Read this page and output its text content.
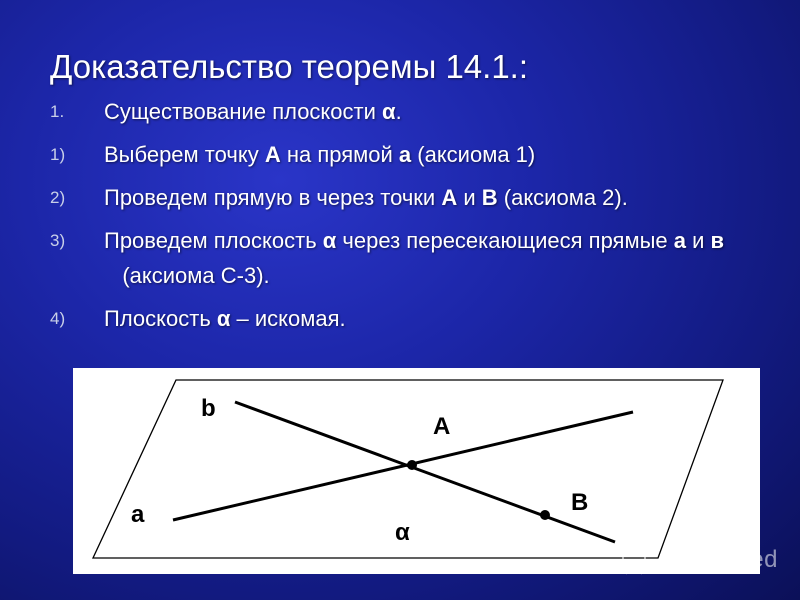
Доказательство теоремы 14.1.:
1. Существование плоскости α.
1) Выберем точку А на прямой а (аксиома 1)
2) Проведем прямую в через точки А и В (аксиома 2).
3) Проведем плоскость α через пересекающиеся прямые а и в   (аксиома С-3).
4) Плоскость α – искомая.
b
a
A
B
α
Shared
